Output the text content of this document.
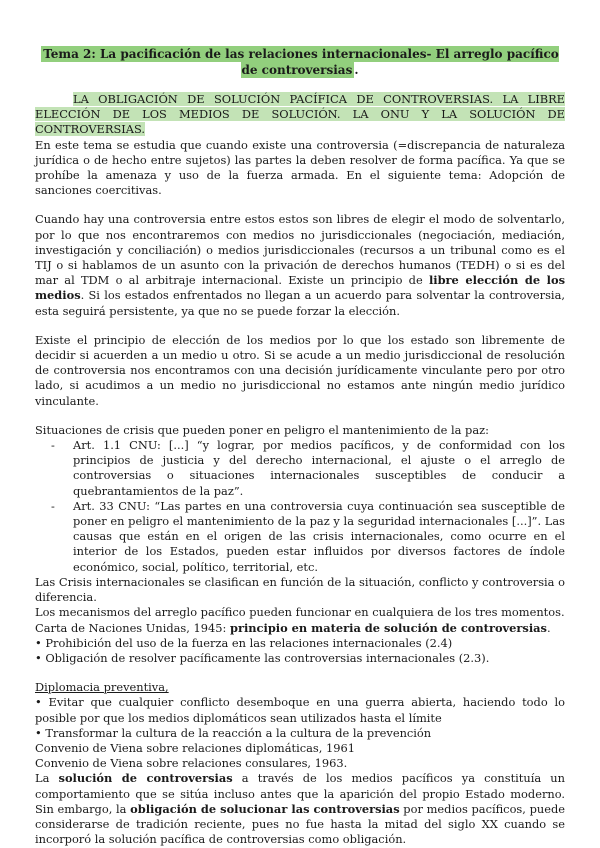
Tema 2: La pacificación de las relaciones internacionales- El arreglo pacífico de controversias .

LA OBLIGACIÓN DE SOLUCIÓN PACÍFICA DE CONTROVERSIAS. LA LIBRE ELECCIÓN DE LOS MEDIOS DE SOLUCIÓN. LA ONU Y LA SOLUCIÓN DE CONTROVERSIAS.

En este tema se estudia que cuando existe una controversia (=discrepancia de naturaleza jurídica o de hecho entre sujetos) las partes la deben resolver de forma pacífica. Ya que se prohíbe la amenaza y uso de la fuerza armada. En el siguiente tema: Adopción de sanciones coercitivas.

Cuando hay una controversia entre estos estos son libres de elegir el modo de solventarlo, por lo que nos encontraremos con medios no jurisdiccionales (negociación, mediación, investigación y conciliación) o medios jurisdiccionales (recursos a un tribunal como es el TIJ o si hablamos de un asunto con la privación de derechos humanos (TEDH) o si es del mar al TDM o al arbitraje internacional. Existe un principio de libre elección de los medios. Si los estados enfrentados no llegan a un acuerdo para solventar la controversia, esta seguirá persistente, ya que no se puede forzar la elección.

Existe el principio de elección de los medios por lo que los estado son libremente de decidir si acuerden a un medio u otro. Si se acude a un medio jurisdiccional de resolución de controversia nos encontramos con una decisión jurídicamente vinculante pero por otro lado, si acudimos a un medio no jurisdiccional no estamos ante ningún medio jurídico vinculante.

Situaciones de crisis que pueden poner en peligro el mantenimiento de la paz:

- Art. 1.1 CNU: [...] “y lograr, por medios pacíficos, y de conformidad con los principios de justicia y del derecho internacional, el ajuste o el arreglo de controversias o situaciones internacionales susceptibles de conducir a quebrantamientos de la paz”.
- Art. 33 CNU: “Las partes en una controversia cuya continuación sea susceptible de poner en peligro el mantenimiento de la paz y la seguridad internacionales [...]”. Las causas que están en el origen de las crisis internacionales, como ocurre en el interior de los Estados, pueden estar influidos por diversos factores de índole económico, social, político, territorial, etc.

Las Crisis internacionales se clasifican en función de la situación, conflicto y controversia o diferencia.

Los mecanismos del arreglo pacífico pueden funcionar en cualquiera de los tres momentos.

Carta de Naciones Unidas, 1945: principio en materia de solución de controversias.

• Prohibición del uso de la fuerza en las relaciones internacionales (2.4)

• Obligación de resolver pacíficamente las controversias internacionales (2.3).

Diplomacia preventiva,

• Evitar que cualquier conflicto desemboque en una guerra abierta, haciendo todo lo posible por que los medios diplomáticos sean utilizados hasta el límite

• Transformar la cultura de la reacción a la cultura de la prevención

Convenio de Viena sobre relaciones diplomáticas, 1961

Convenio de Viena sobre relaciones consulares, 1963.

La solución de controversias a través de los medios pacíficos ya constituía un comportamiento que se sitúa incluso antes que la aparición del propio Estado moderno. Sin embargo, la obligación de solucionar las controversias por medios pacíficos, puede considerarse de tradición reciente, pues no fue hasta la mitad del siglo XX cuando se incorporó la solución pacífica de controversias como obligación.
